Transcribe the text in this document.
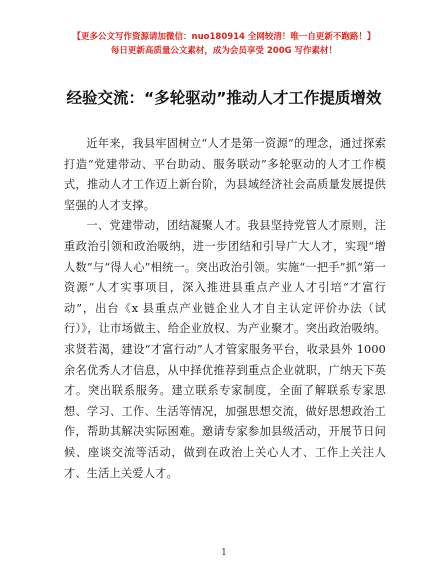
【更多公文写作资源请加微信：nuo180914 全网较清！唯一自更新不跑路！】
每日更新高质量公文素材，成为会员享受 200G 写作素材！
经验交流：“多轮驱动”推动人才工作提质增效

近年来，我县牢固树立“人才是第一资源”的理念，通过探索打造“党建带动、平台助动、服务联动”多轮驱动的人才工作模式，推动人才工作迈上新台阶，为县域经济社会高质量发展提供坚强的人才支撑。

一、党建带动，团结凝聚人才。我县坚持党管人才原则，注重政治引领和政治吸纳，进一步团结和引导广大人才，实现“增人数”与“得人心”相统一。突出政治引领。实施“一把手”抓“第一资源”人才实事项目，深入推进县重点产业人才引培“才富行动”，出台《x 县重点产业链企业人才自主认定评价办法（试行）》，让市场做主、给企业放权、为产业聚才。突出政治吸纳。求贤若渴，建设“才富行动”人才管家服务平台，收录县外 1000 余名优秀人才信息，从中择优推荐到重点企业就职，广纳天下英才。突出联系服务。建立联系专家制度，全面了解联系专家思想、学习、工作、生活等情况，加强思想交流，做好思想政治工作，帮助其解决实际困难。邀请专家参加县级活动，开展节日问候、座谈交流等活动，做到在政治上关心人才、工作上关注人才、生活上关爱人才。

1
